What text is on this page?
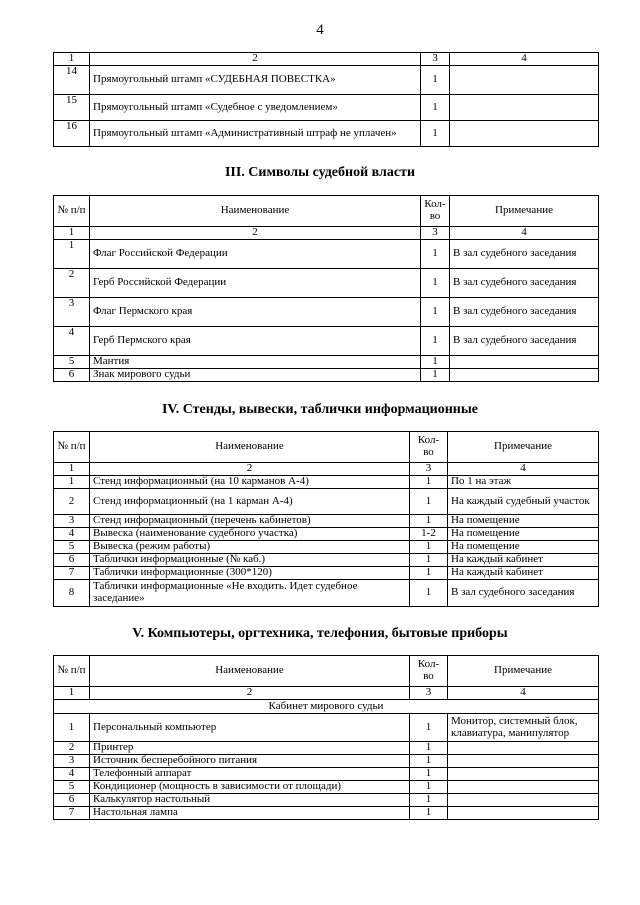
4
1	2	3	4
14	Прямоугольный штамп «СУДЕБНАЯ ПОВЕСТКА»	1	
15	Прямоугольный штамп «Судебное с уведомлением»	1	
16	Прямоугольный штамп «Административный штраф не уплачен»	1	
III. Символы судебной власти
№ п/п	Наименование	Кол-во	Примечание
1	2	3	4
1	Флаг Российской Федерации	1	В зал судебного заседания
2	Герб Российской Федерации	1	В зал судебного заседания
3	Флаг Пермского края	1	В зал судебного заседания
4	Герб Пермского края	1	В зал судебного заседания
5	Мантия	1	
6	Знак мирового судьи	1	
IV. Стенды, вывески, таблички информационные
№ п/п	Наименование	Кол-во	Примечание
1	2	3	4
1	Стенд информационный (на 10 карманов А-4)	1	По 1 на этаж
2	Стенд информационный (на 1 карман А-4)	1	На каждый судебный участок
3	Стенд информационный (перечень кабинетов)	1	На помещение
4	Вывеска (наименование судебного участка)	1-2	На помещение
5	Вывеска (режим работы)	1	На помещение
6	Таблички информационные (№ каб.)	1	На каждый кабинет
7	Таблички информационные (300*120)	1	На каждый кабинет
8	Таблички информационные «Не входить. Идет судебное заседание»	1	В зал судебного заседания
V. Компьютеры, оргтехника, телефония, бытовые приборы
№ п/п	Наименование	Кол-во	Примечание
1	2	3	4
Кабинет мирового судьи			
1	Персональный компьютер	1	Монитор, системный блок, клавиатура, манипулятор
2	Принтер	1	
3	Источник бесперебойного питания	1	
4	Телефонный аппарат	1	
5	Кондиционер (мощность в зависимости от площади)	1	
6	Калькулятор настольный	1	
7	Настольная лампа	1	
